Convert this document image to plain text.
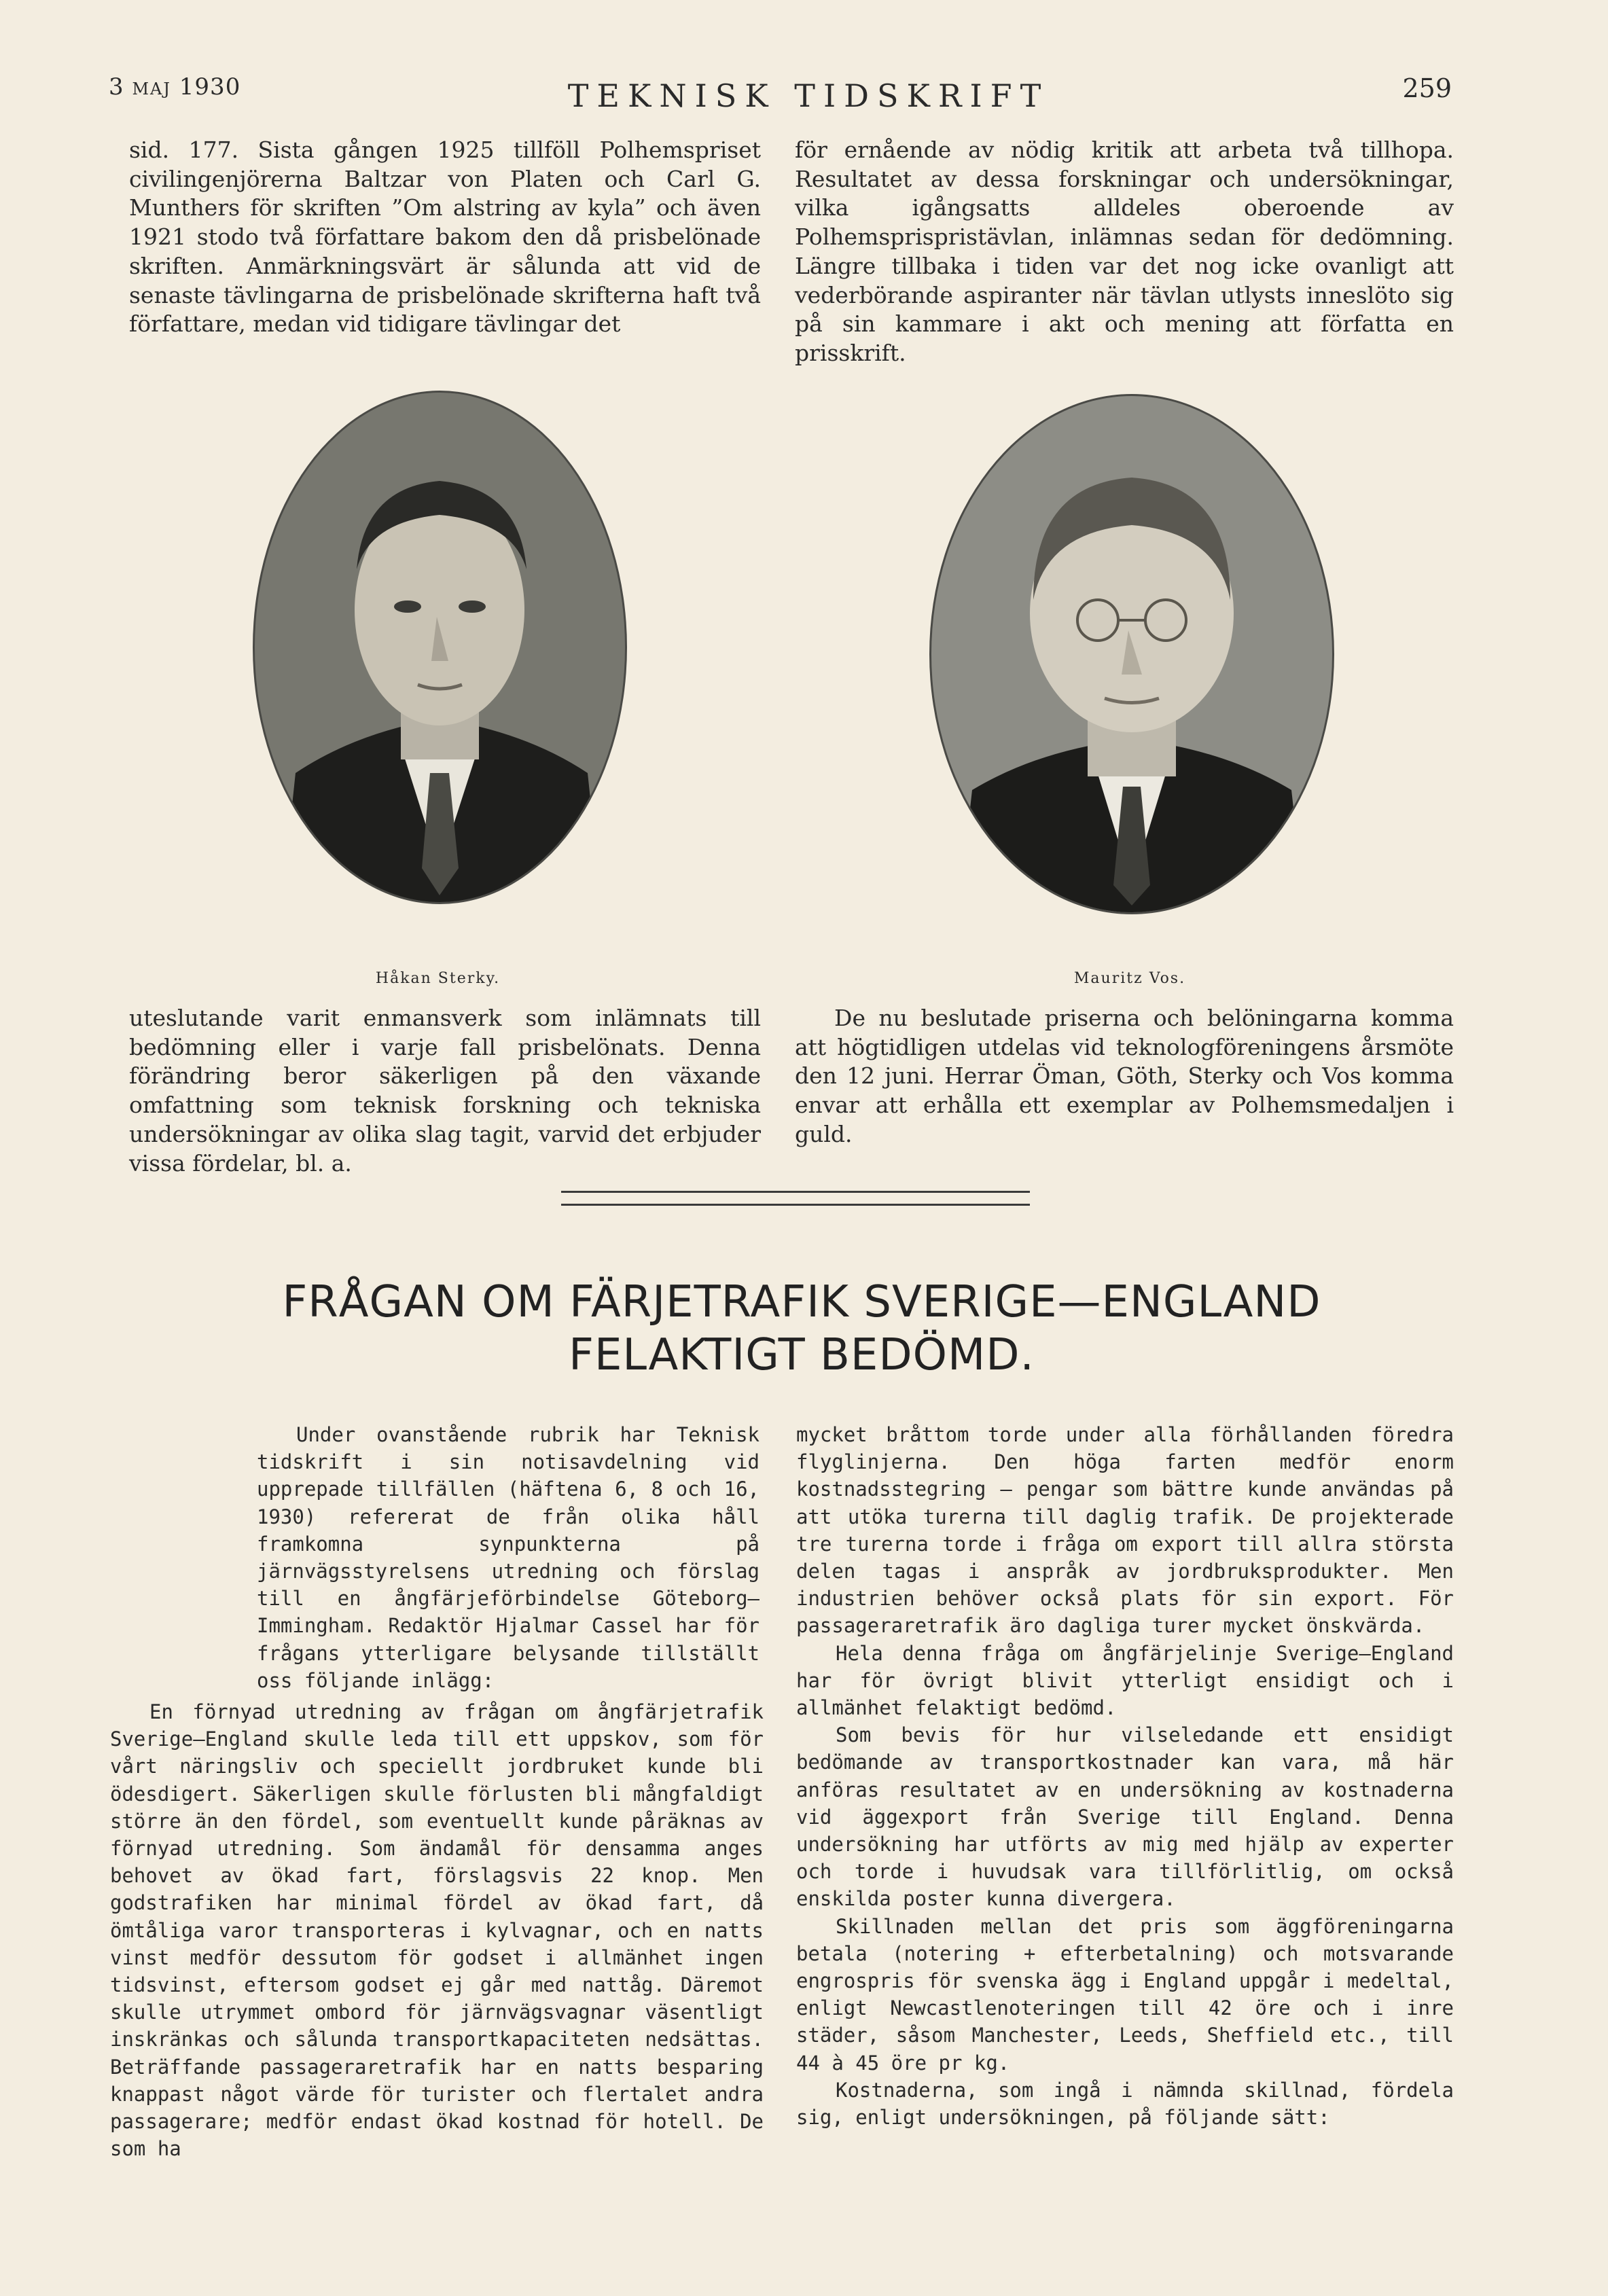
3 MAJ 1930	TEKNISK TIDSKRIFT	259

sid. 177. Sista gången 1925 tillföll Polhemspriset civilingenjörerna Baltzar von Platen och Carl G. Munthers för skriften ”Om alstring av kyla” och även 1921 stodo två författare bakom den då prisbelönade skriften. Anmärkningsvärt är sålunda att vid de senaste tävlingarna de prisbelönade skrifterna haft två författare, medan vid tidigare tävlingar det

för ernående av nödig kritik att arbeta två tillhopa. Resultatet av dessa forskningar och undersökningar, vilka igångsatts alldeles oberoende av Polhemsprispristävlan, inlämnas sedan för dedömning. Längre tillbaka i tiden var det nog icke ovanligt att vederbörande aspiranter när tävlan utlysts inneslöto sig på sin kammare i akt och mening att författa en prisskrift.

Håkan Sterky.	Mauritz Vos.

uteslutande varit enmansverk som inlämnats till bedömning eller i varje fall prisbelönats. Denna förändring beror säkerligen på den växande omfattning som teknisk forskning och tekniska undersökningar av olika slag tagit, varvid det erbjuder vissa fördelar, bl. a.

De nu beslutade priserna och belöningarna komma att högtidligen utdelas vid teknologföreningens årsmöte den 12 juni. Herrar Öman, Göth, Sterky och Vos komma envar att erhålla ett exemplar av Polhemsmedaljen i guld.

FRÅGAN OM FÄRJETRAFIK SVERIGE—ENGLAND
FELAKTIGT BEDÖMD.

Under ovanstående rubrik har Teknisk tidskrift i sin notisavdelning vid upprepade tillfällen (häftena 6, 8 och 16, 1930) refererat de från olika håll framkomna synpunkterna på järnvägsstyrelsens utredning och förslag till en ångfärjeförbindelse Göteborg—Immingham. Redaktör Hjalmar Cassel har för frågans ytterligare belysande tillställt oss följande inlägg:

En förnyad utredning av frågan om ångfärjetrafik Sverige—England skulle leda till ett uppskov, som för vårt näringsliv och speciellt jordbruket kunde bli ödesdigert. Säkerligen skulle förlusten bli mångfaldigt större än den fördel, som eventuellt kunde påräknas av förnyad utredning. Som ändamål för densamma anges behovet av ökad fart, förslagsvis 22 knop. Men godstrafiken har minimal fördel av ökad fart, då ömtåliga varor transporteras i kylvagnar, och en natts vinst medför dessutom för godset i allmänhet ingen tidsvinst, eftersom godset ej går med nattåg. Däremot skulle utrymmet ombord för järnvägsvagnar väsentligt inskränkas och sålunda transportkapaciteten nedsättas. Beträffande passageraretrafik har en natts besparing knappast något värde för turister och flertalet andra passagerare; medför endast ökad kostnad för hotell. De som ha

mycket bråttom torde under alla förhållanden föredra flyglinjerna. Den höga farten medför enorm kostnadsstegring — pengar som bättre kunde användas på att utöka turerna till daglig trafik. De projekterade tre turerna torde i fråga om export till allra största delen tagas i anspråk av jordbruksprodukter. Men industrien behöver också plats för sin export. För passageraretrafik äro dagliga turer mycket önskvärda.

Hela denna fråga om ångfärjelinje Sverige—England har för övrigt blivit ytterligt ensidigt och i allmänhet felaktigt bedömd.

Som bevis för hur vilseledande ett ensidigt bedömande av transportkostnader kan vara, må här anföras resultatet av en undersökning av kostnaderna vid äggexport från Sverige till England. Denna undersökning har utförts av mig med hjälp av experter och torde i huvudsak vara tillförlitlig, om också enskilda poster kunna divergera.

Skillnaden mellan det pris som äggföreningarna betala (notering + efterbetalning) och motsvarande engrospris för svenska ägg i England uppgår i medeltal, enligt Newcastlenoteringen till 42 öre och i inre städer, såsom Manchester, Leeds, Sheffield etc., till 44 à 45 öre pr kg.

Kostnaderna, som ingå i nämnda skillnad, fördela sig, enligt undersökningen, på följande sätt:
